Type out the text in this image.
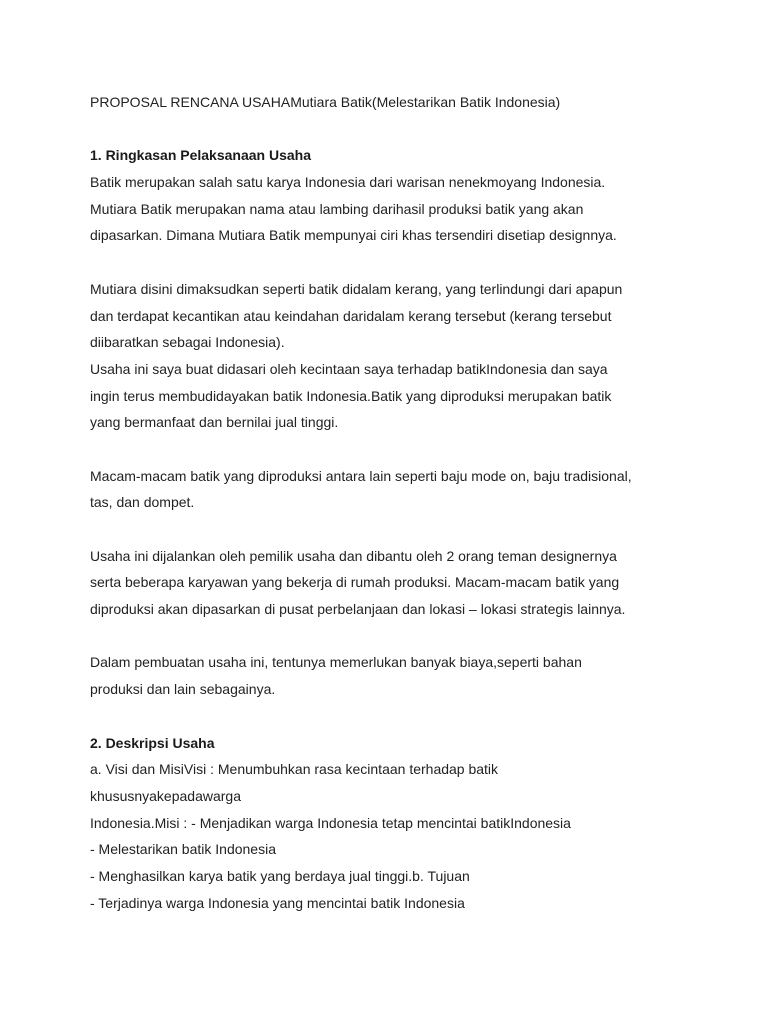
PROPOSAL RENCANA USAHAMutiara Batik(Melestarikan Batik Indonesia)
1. Ringkasan Pelaksanaan Usaha
Batik merupakan salah satu karya Indonesia dari warisan nenekmoyang Indonesia.
Mutiara Batik merupakan nama atau lambing darihasil produksi batik yang akan
dipasarkan. Dimana Mutiara Batik mempunyai ciri khas tersendiri disetiap designnya.
Mutiara disini dimaksudkan seperti batik didalam kerang, yang terlindungi dari apapun
dan terdapat kecantikan atau keindahan daridalam kerang tersebut (kerang tersebut
diibaratkan sebagai Indonesia).
Usaha ini saya buat didasari oleh kecintaan saya terhadap batikIndonesia dan saya
ingin terus membudidayakan batik Indonesia.Batik yang diproduksi merupakan batik
yang bermanfaat dan bernilai jual tinggi.
Macam-macam batik yang diproduksi antara lain seperti baju mode on, baju tradisional,
tas, dan dompet.
Usaha ini dijalankan oleh pemilik usaha dan dibantu oleh 2 orang teman designernya
serta beberapa karyawan yang bekerja di rumah produksi. Macam-macam batik yang
diproduksi akan dipasarkan di pusat perbelanjaan dan lokasi – lokasi strategis lainnya.
Dalam pembuatan usaha ini, tentunya memerlukan banyak biaya,seperti bahan
produksi dan lain sebagainya.
2. Deskripsi Usaha
a. Visi dan MisiVisi : Menumbuhkan rasa kecintaan terhadap batik
khususnyakepadawarga
Indonesia.Misi : - Menjadikan warga Indonesia tetap mencintai batikIndonesia
- Melestarikan batik Indonesia
- Menghasilkan karya batik yang berdaya jual tinggi.b. Tujuan
- Terjadinya warga Indonesia yang mencintai batik Indonesia
